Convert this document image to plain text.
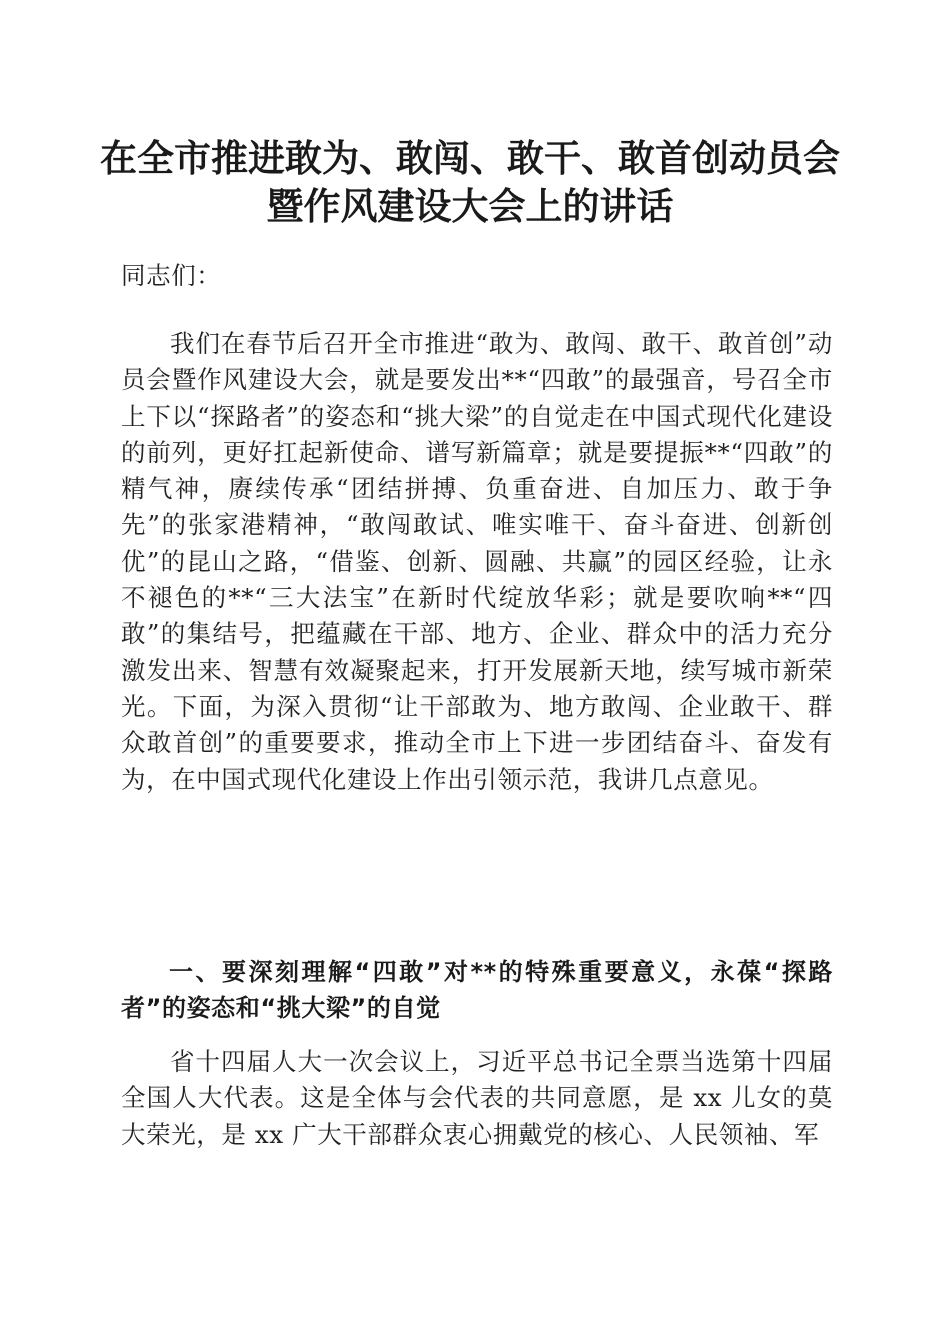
在全市推进敢为、敢闯、敢干、敢首创动员会
暨作风建设大会上的讲话

同志们：

我们在春节后召开全市推进“敢为、敢闯、敢干、敢首创”动员会暨作风建设大会，就是要发出**“四敢”的最强音，号召全市上下以“探路者”的姿态和“挑大梁”的自觉走在中国式现代化建设的前列，更好扛起新使命、谱写新篇章；就是要提振**“四敢”的精气神，赓续传承“团结拼搏、负重奋进、自加压力、敢于争先”的张家港精神，“敢闯敢试、唯实唯干、奋斗奋进、创新创优”的昆山之路，“借鉴、创新、圆融、共赢”的园区经验，让永不褪色的**“三大法宝”在新时代绽放华彩；就是要吹响**“四敢”的集结号，把蕴藏在干部、地方、企业、群众中的活力充分激发出来、智慧有效凝聚起来，打开发展新天地，续写城市新荣光。下面，为深入贯彻“让干部敢为、地方敢闯、企业敢干、群众敢首创”的重要要求，推动全市上下进一步团结奋斗、奋发有为，在中国式现代化建设上作出引领示范，我讲几点意见。

一、要深刻理解“四敢”对**的特殊重要意义，永葆“探路者”的姿态和“挑大梁”的自觉

省十四届人大一次会议上，习近平总书记全票当选第十四届全国人大代表。这是全体与会代表的共同意愿，是 xx 儿女的莫大荣光，是 xx 广大干部群众衷心拥戴党的核心、人民领袖、军
